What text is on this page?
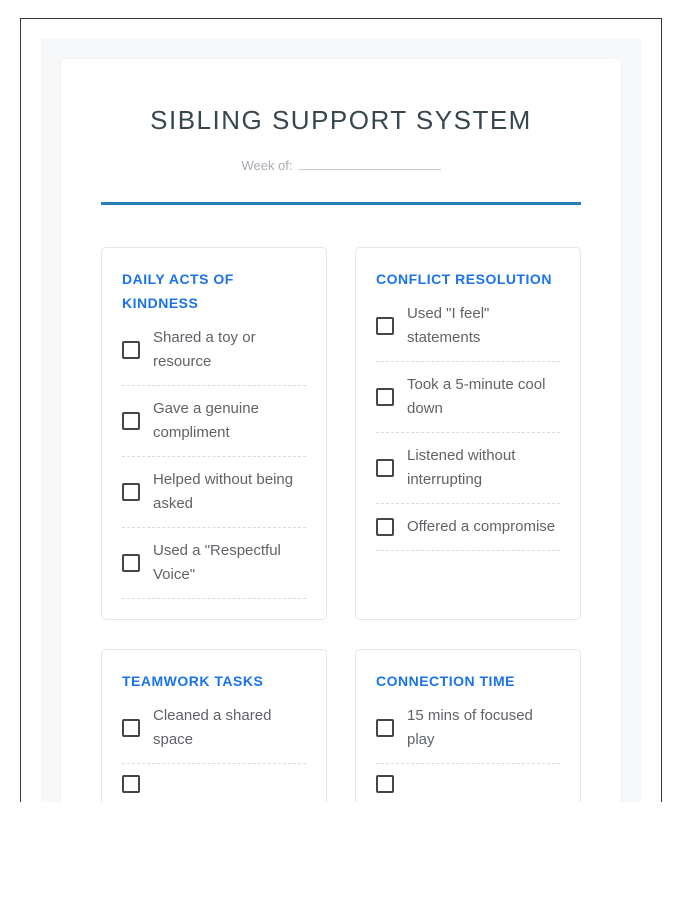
SIBLING SUPPORT SYSTEM
Week of:
DAILY ACTS OF KINDNESS
Shared a toy or resource
Gave a genuine compliment
Helped without being asked
Used a "Respectful Voice"
CONFLICT RESOLUTION
Used "I feel" statements
Took a 5-minute cool down
Listened without interrupting
Offered a compromise
TEAMWORK TASKS
Cleaned a shared space
CONNECTION TIME
15 mins of focused play
